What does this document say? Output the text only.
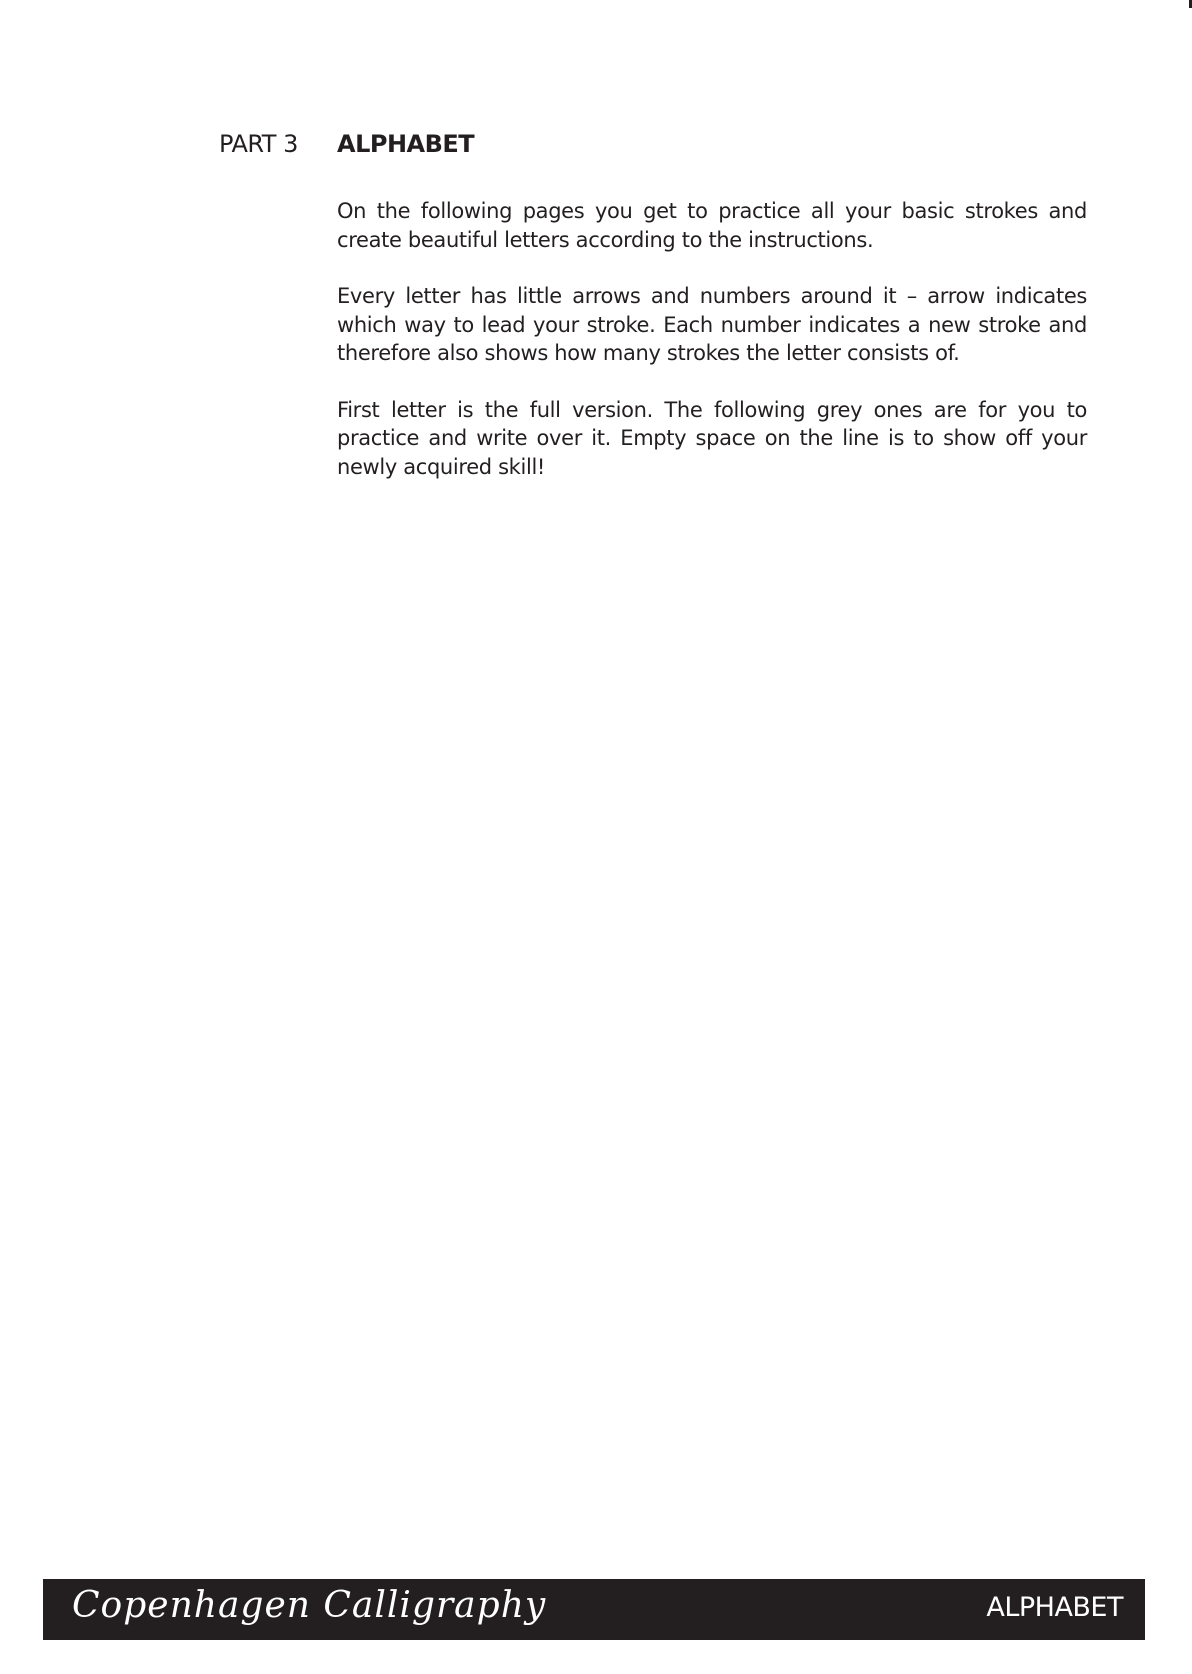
PART 3 ALPHABET

On the following pages you get to practice all your basic strokes and create beautiful letters according to the instructions.

Every letter has little arrows and numbers around it – arrow indicates which way to lead your stroke. Each number indicates a new stroke and therefore also shows how many strokes the letter consists of.

First letter is the full version. The following grey ones are for you to practice and write over it. Empty space on the line is to show off your newly acquired skill!

Copenhagen Calligraphy	ALPHABET
